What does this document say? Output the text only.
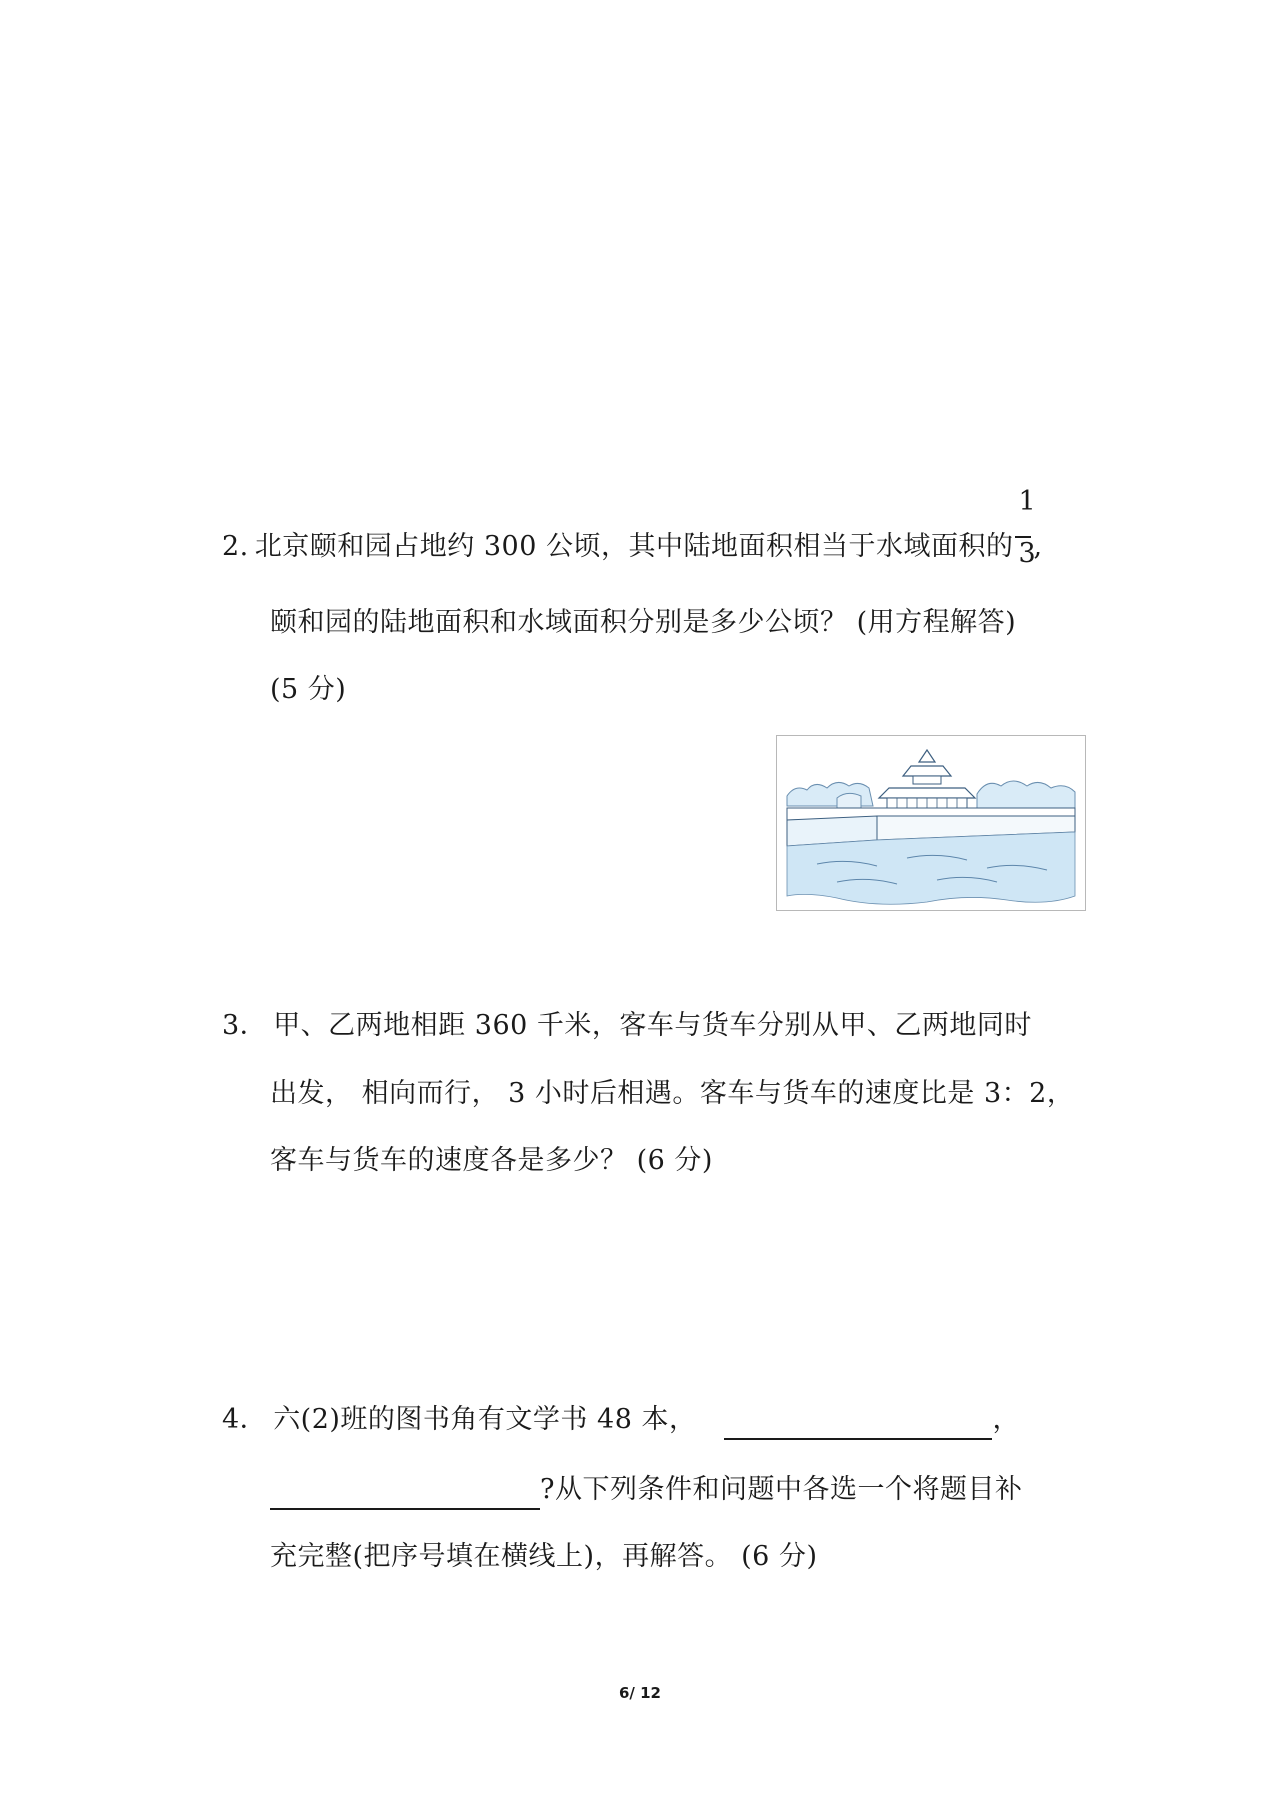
2. 北京颐和园占地约 300 公顷，其中陆地面积相当于水域面积的 $\frac{1}{3}$ ,
颐和园的陆地面积和水域面积分别是多少公顷？ (用方程解答)
(5 分)
3． 甲、乙两地相距 360 千米，客车与货车分别从甲、乙两地同时
出发， 相向而行， 3 小时后相遇。客车与货车的速度比是 3：2，
客车与货车的速度各是多少？ (6 分)
4． 六(2)班的图书角有文学书 48 本，	，
?从下列条件和问题中各选一个将题目补
充完整(把序号填在横线上)，再解答。 (6 分)
6/ 12
